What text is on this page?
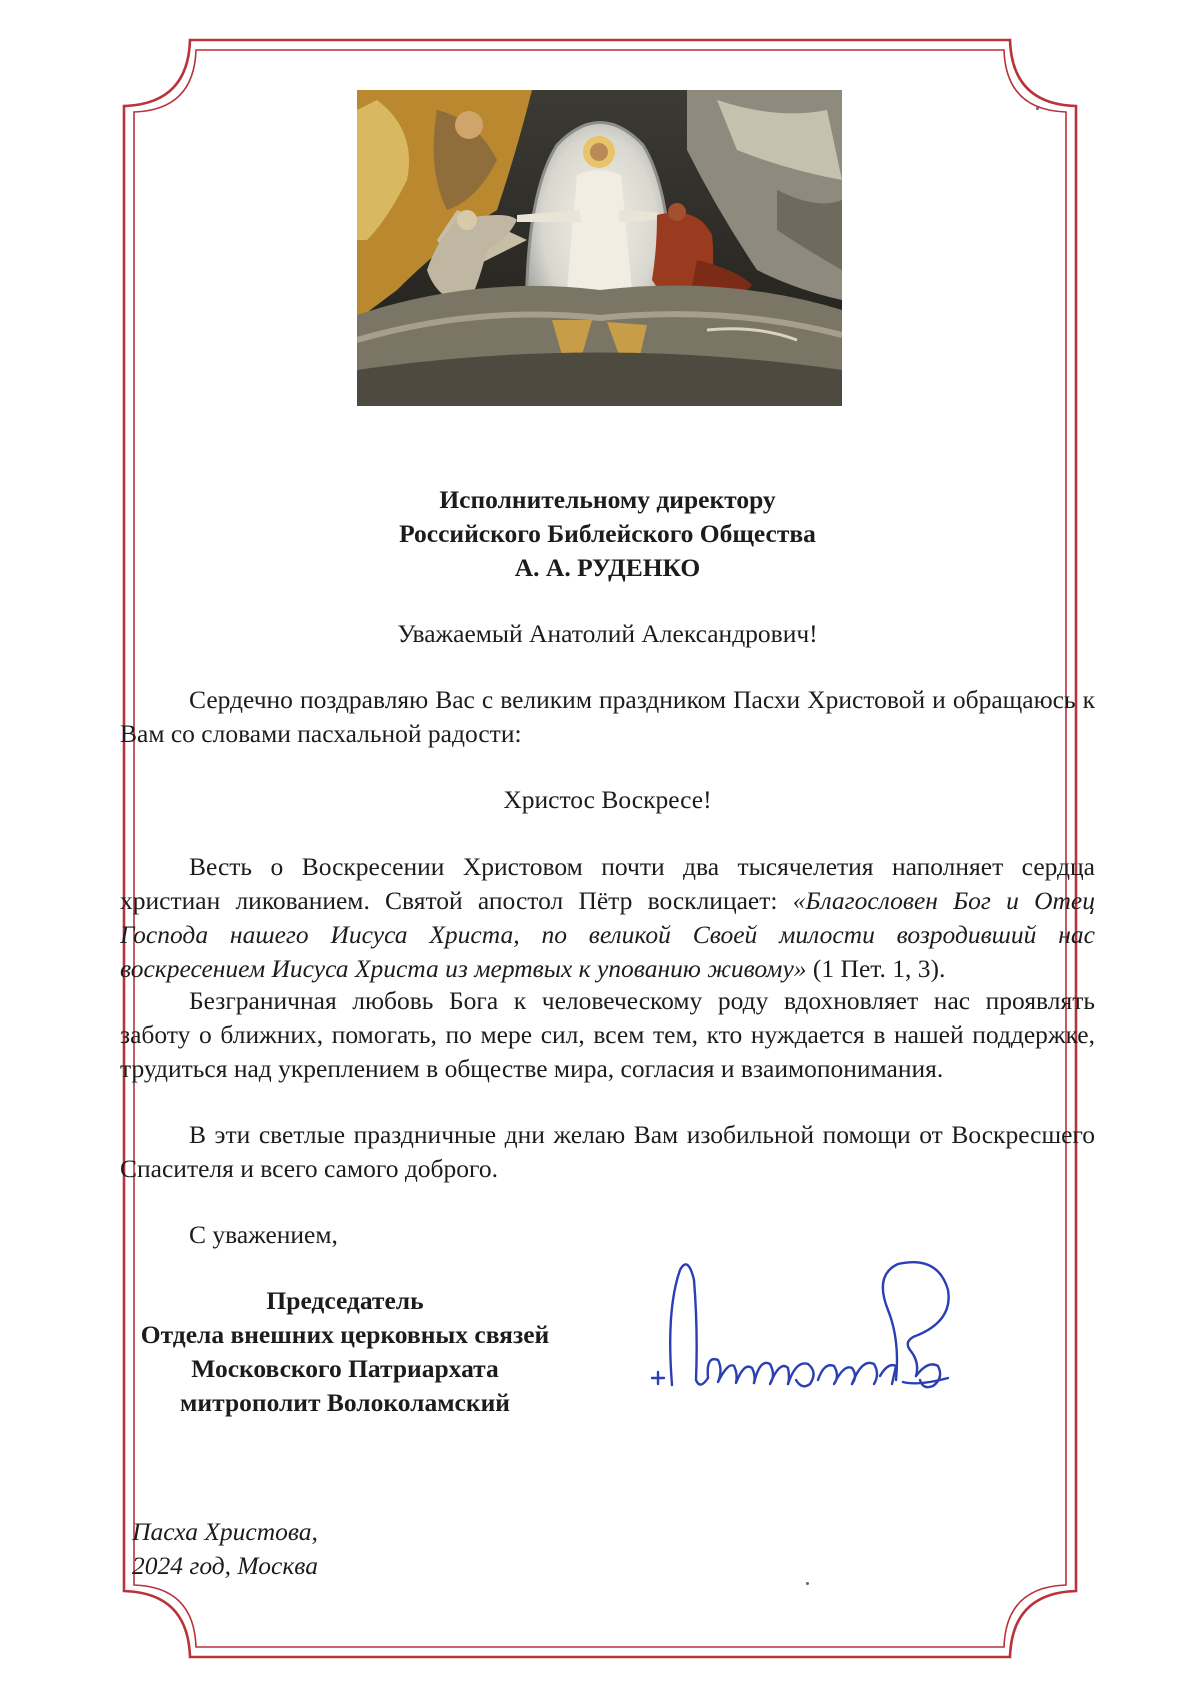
Исполнительному директору
Российского Библейского Общества
А. А. РУДЕНКО
Уважаемый Анатолий Александрович!
Сердечно поздравляю Вас с великим праздником Пасхи Христовой и обращаюсь к Вам со словами пасхальной радости:
Христос Воскресе!
Весть о Воскресении Христовом почти два тысячелетия наполняет сердца христиан ликованием. Святой апостол Пётр восклицает: «Благословен Бог и Отец Господа нашего Иисуса Христа, по великой Своей милости возродивший нас воскресением Иисуса Христа из мертвых к упованию живому» (1 Пет. 1, 3).
Безграничная любовь Бога к человеческому роду вдохновляет нас проявлять заботу о ближних, помогать, по мере сил, всем тем, кто нуждается в нашей поддержке, трудиться над укреплением в обществе мира, согласия и взаимопонимания.
В эти светлые праздничные дни желаю Вам изобильной помощи от Воскресшего Спасителя и всего самого доброго.
С уважением,
Председатель
Отдела внешних церковных связей
Московского Патриархата
митрополит Волоколамский
Пасха Христова,
2024 год, Москва
